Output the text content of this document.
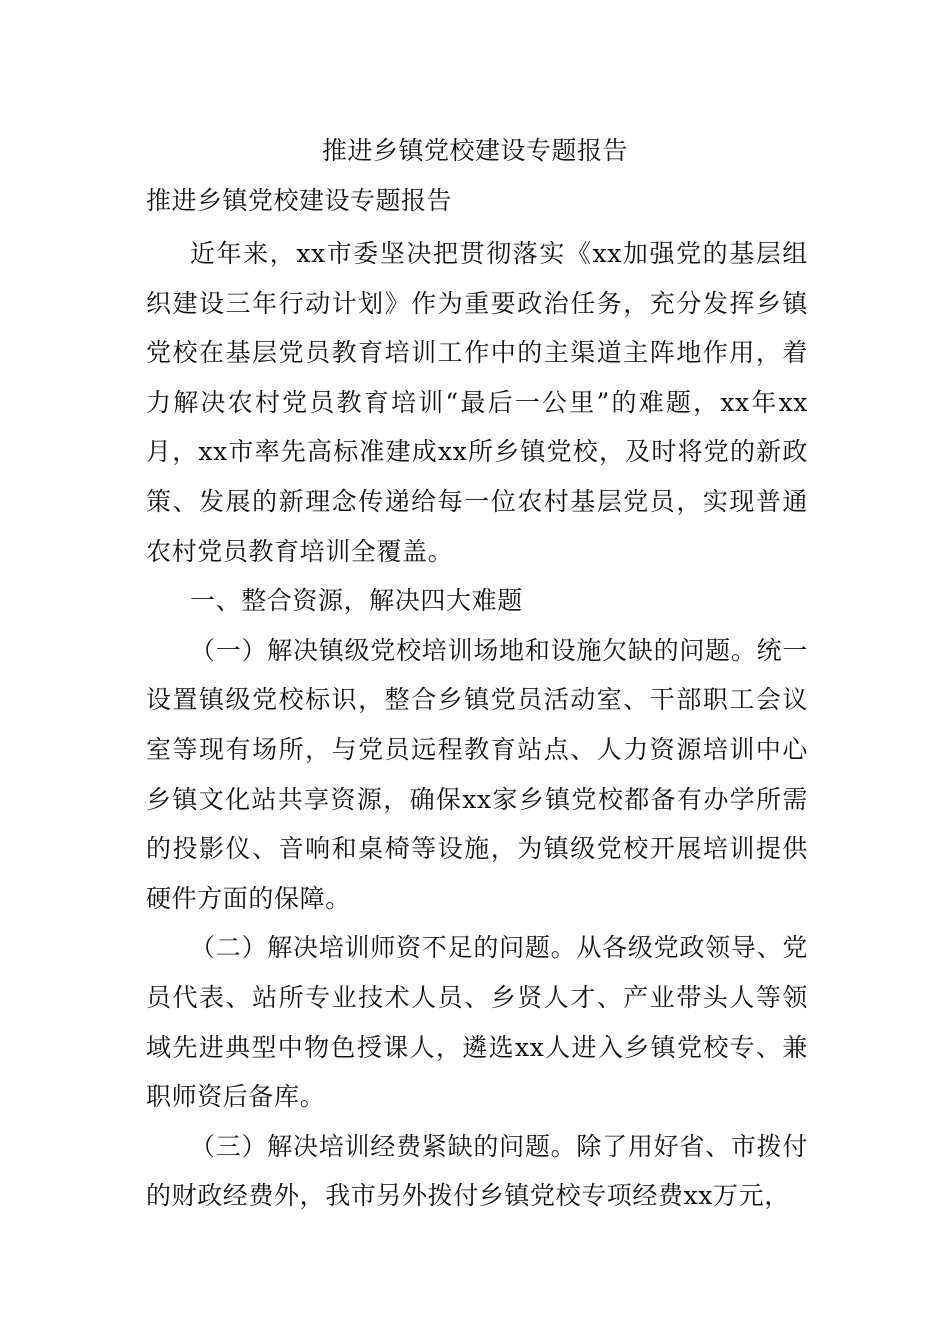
推进乡镇党校建设专题报告
推进乡镇党校建设专题报告

近年来，xx市委坚决把贯彻落实《xx加强党的基层组织建设三年行动计划》作为重要政治任务，充分发挥乡镇党校在基层党员教育培训工作中的主渠道主阵地作用，着力解决农村党员教育培训“最后一公里”的难题，xx年xx月，xx市率先高标准建成xx所乡镇党校，及时将党的新政策、发展的新理念传递给每一位农村基层党员，实现普通农村党员教育培训全覆盖。

一、整合资源，解决四大难题

（一）解决镇级党校培训场地和设施欠缺的问题。统一设置镇级党校标识，整合乡镇党员活动室、干部职工会议室等现有场所，与党员远程教育站点、人力资源培训中心乡镇文化站共享资源，确保xx家乡镇党校都备有办学所需的投影仪、音响和桌椅等设施，为镇级党校开展培训提供硬件方面的保障。

（二）解决培训师资不足的问题。从各级党政领导、党员代表、站所专业技术人员、乡贤人才、产业带头人等领域先进典型中物色授课人，遴选xx人进入乡镇党校专、兼职师资后备库。

（三）解决培训经费紧缺的问题。除了用好省、市拨付的财政经费外，我市另外拨付乡镇党校专项经费xx万元，
